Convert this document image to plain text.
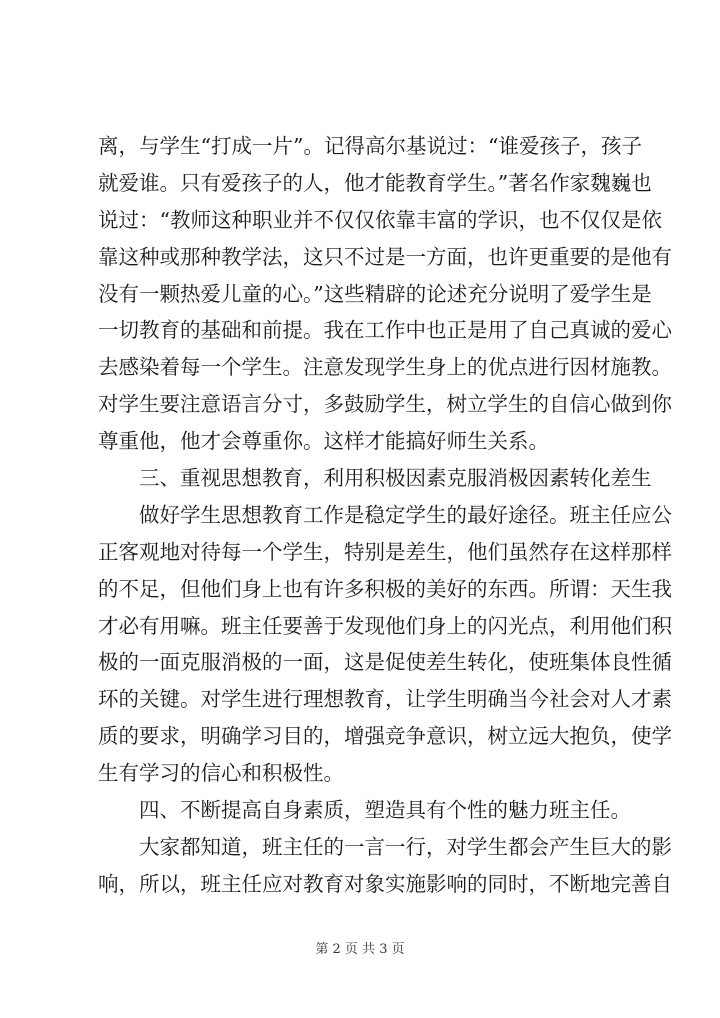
离，与学生“打成一片”。记得高尔基说过：“谁爱孩子，孩子
就爱谁。只有爱孩子的人，他才能教育学生。”著名作家魏巍也
说过：“教师这种职业并不仅仅依靠丰富的学识，也不仅仅是依
靠这种或那种教学法，这只不过是一方面，也许更重要的是他有
没有一颗热爱儿童的心。”这些精辟的论述充分说明了爱学生是
一切教育的基础和前提。我在工作中也正是用了自己真诚的爱心
去感染着每一个学生。注意发现学生身上的优点进行因材施教。
对学生要注意语言分寸，多鼓励学生，树立学生的自信心做到你
尊重他，他才会尊重你。这样才能搞好师生关系。
三、重视思想教育，利用积极因素克服消极因素转化差生
做好学生思想教育工作是稳定学生的最好途径。班主任应公
正客观地对待每一个学生，特别是差生，他们虽然存在这样那样
的不足，但他们身上也有许多积极的美好的东西。所谓：天生我
才必有用嘛。班主任要善于发现他们身上的闪光点，利用他们积
极的一面克服消极的一面，这是促使差生转化，使班集体良性循
环的关键。对学生进行理想教育，让学生明确当今社会对人才素
质的要求，明确学习目的，增强竞争意识，树立远大抱负，使学
生有学习的信心和积极性。
四、不断提高自身素质，塑造具有个性的魅力班主任。
大家都知道，班主任的一言一行，对学生都会产生巨大的影
响，所以，班主任应对教育对象实施影响的同时，不断地完善自
第 2 页 共 3 页
